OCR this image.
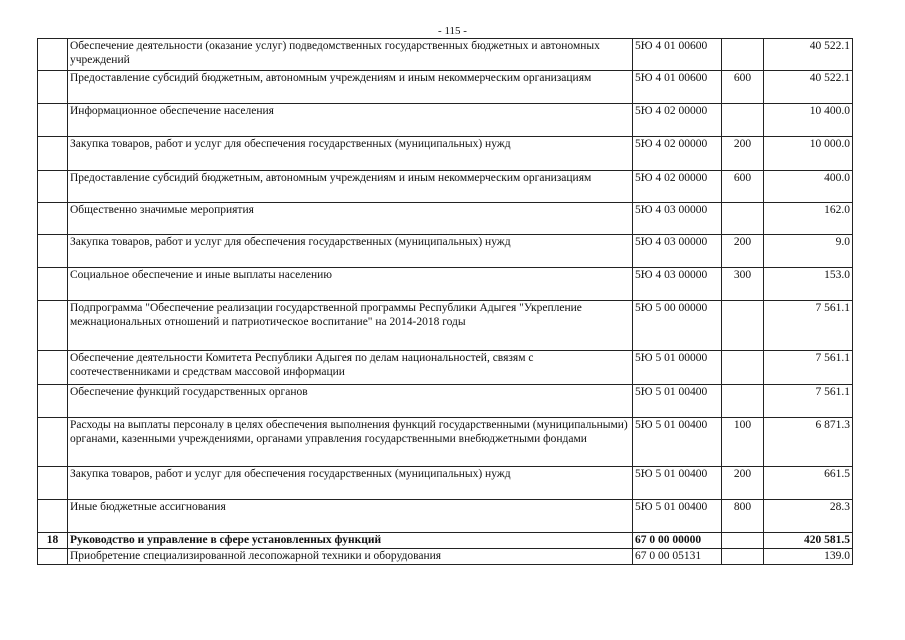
- 115 -
	Обеспечение деятельности (оказание услуг) подведомственных государственных бюджетных и автономных учреждений	5Ю 4 01 00600		40 522.1
	Предоставление субсидий бюджетным, автономным учреждениям и иным некоммерческим организациям	5Ю 4 01 00600	600	40 522.1
	Информационное обеспечение населения	5Ю 4 02 00000		10 400.0
	Закупка товаров, работ и услуг для обеспечения государственных (муниципальных) нужд	5Ю 4 02 00000	200	10 000.0
	Предоставление субсидий бюджетным, автономным учреждениям и иным некоммерческим организациям	5Ю 4 02 00000	600	400.0
	Общественно значимые мероприятия	5Ю 4 03 00000		162.0
	Закупка товаров, работ и услуг для обеспечения государственных (муниципальных) нужд	5Ю 4 03 00000	200	9.0
	Социальное обеспечение и иные выплаты населению	5Ю 4 03 00000	300	153.0
	Подпрограмма "Обеспечение реализации государственной программы Республики Адыгея "Укрепление межнациональных отношений и патриотическое воспитание" на 2014-2018 годы	5Ю 5 00 00000		7 561.1
	Обеспечение деятельности Комитета Республики Адыгея по делам национальностей, связям с соотечественниками и средствам массовой информации	5Ю 5 01 00000		7 561.1
	Обеспечение функций государственных органов	5Ю 5 01 00400		7 561.1
	Расходы на выплаты персоналу в целях обеспечения выполнения функций государственными (муниципальными) органами, казенными учреждениями, органами управления государственными внебюджетными фондами	5Ю 5 01 00400	100	6 871.3
	Закупка товаров, работ и услуг для обеспечения государственных (муниципальных) нужд	5Ю 5 01 00400	200	661.5
	Иные бюджетные ассигнования	5Ю 5 01 00400	800	28.3
18	Руководство и управление в сфере установленных функций	67 0 00 00000		420 581.5
	Приобретение специализированной лесопожарной техники и оборудования	67 0 00 05131		139.0
